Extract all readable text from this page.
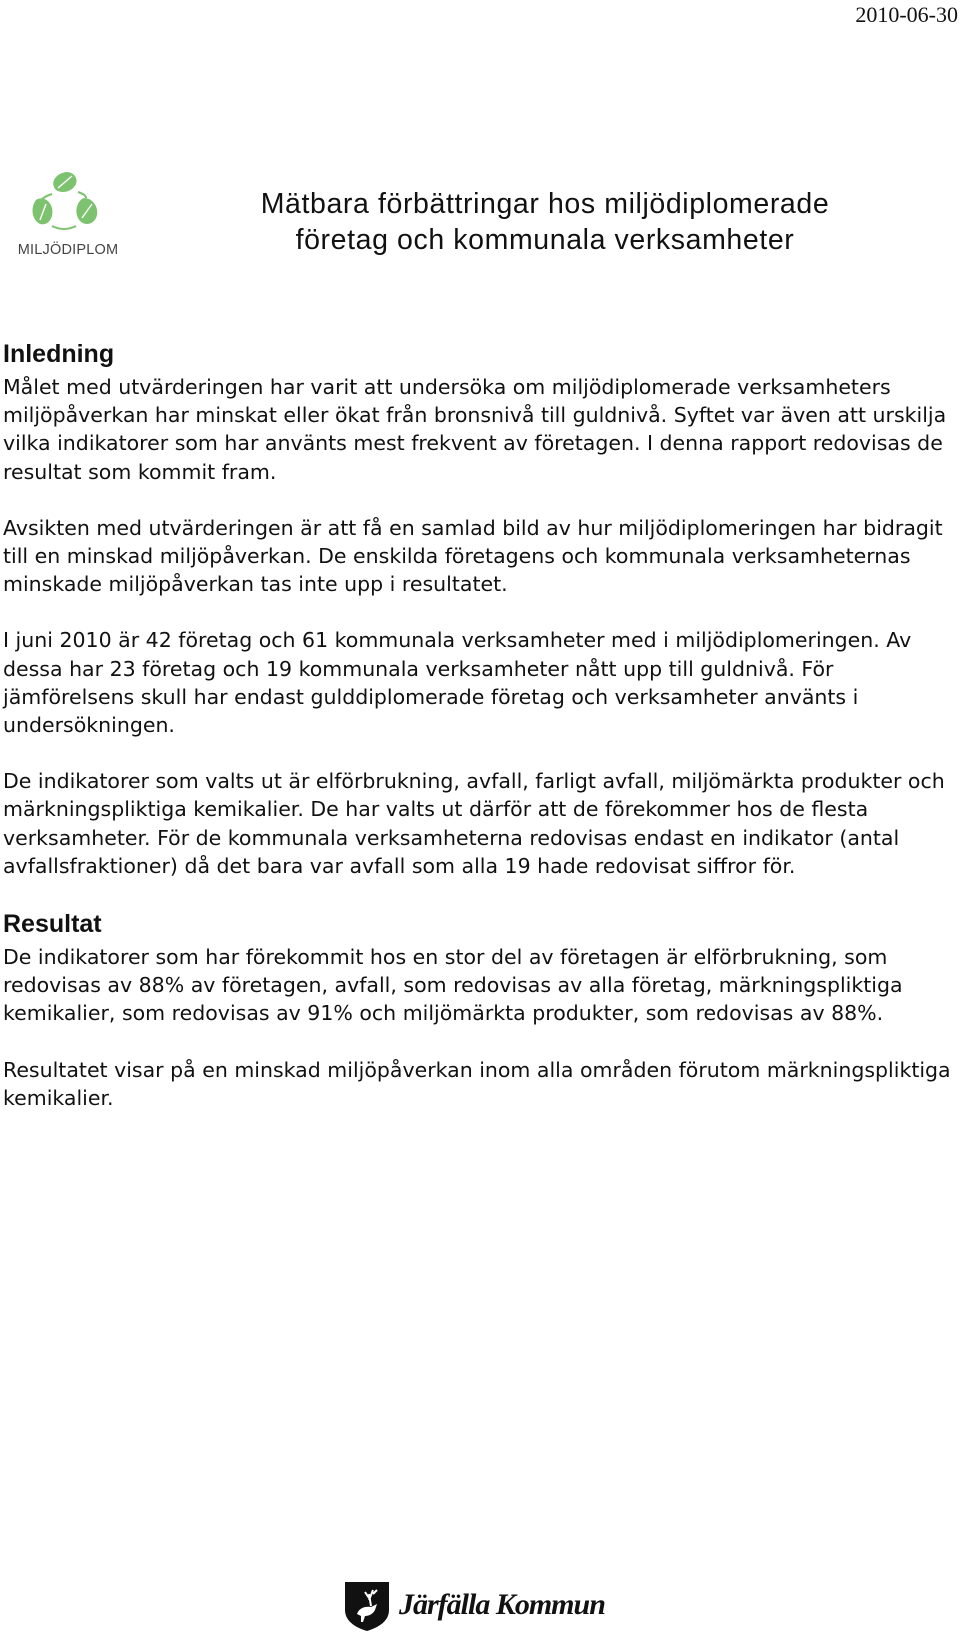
2010-06-30
MILJÖDIPLOM
Mätbara förbättringar hos miljödiplomerade
företag och kommunala verksamheter
Inledning

Målet med utvärderingen har varit att undersöka om miljödiplomerade verksamheters miljöpåverkan har minskat eller ökat från bronsnivå till guldnivå. Syftet var även att urskilja vilka indikatorer som har använts mest frekvent av företagen. I denna rapport redovisas de resultat som kommit fram.

Avsikten med utvärderingen är att få en samlad bild av hur miljödiplomeringen har bidragit till en minskad miljöpåverkan. De enskilda företagens och kommunala verksamheternas minskade miljöpåverkan tas inte upp i resultatet.

I juni 2010 är 42 företag och 61 kommunala verksamheter med i miljödiplomeringen. Av dessa har 23 företag och 19 kommunala verksamheter nått upp till guldnivå. För jämförelsens skull har endast gulddiplomerade företag och verksamheter använts i undersökningen.

De indikatorer som valts ut är elförbrukning, avfall, farligt avfall, miljömärkta produkter och märkningspliktiga kemikalier. De har valts ut därför att de förekommer hos de flesta verksamheter. För de kommunala verksamheterna redovisas endast en indikator (antal avfallsfraktioner) då det bara var avfall som alla 19 hade redovisat siffror för.

Resultat

De indikatorer som har förekommit hos en stor del av företagen är elförbrukning, som redovisas av 88% av företagen, avfall, som redovisas av alla företag, märkningspliktiga kemikalier, som redovisas av 91% och miljömärkta produkter, som redovisas av 88%.

Resultatet visar på en minskad miljöpåverkan inom alla områden förutom märkningspliktiga kemikalier.

Järfälla Kommun
